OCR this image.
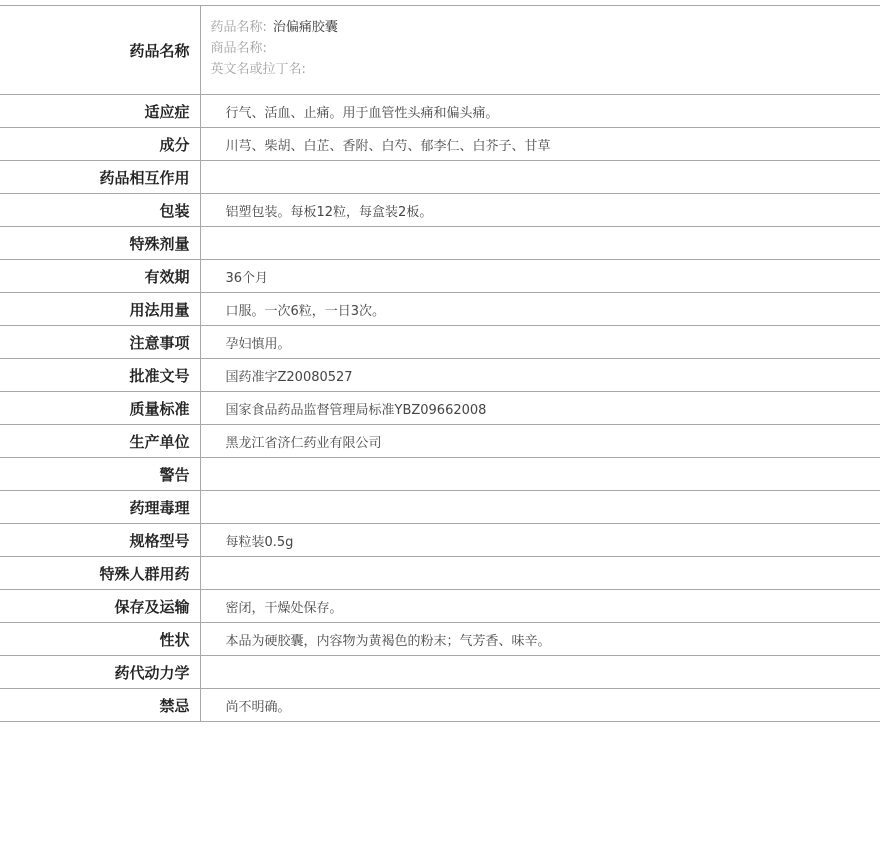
药品名称	药品名称: 治偏痛胶囊
商品名称:
英文名或拉丁名:

适应症	行气、活血、止痛。用于血管性头痛和偏头痛。
成分	川芎、柴胡、白芷、香附、白芍、郁李仁、白芥子、甘草
药品相互作用	
包装	铝塑包装。每板12粒，每盒装2板。
特殊剂量	
有效期	36个月
用法用量	口服。一次6粒，一日3次。
注意事项	孕妇慎用。
批准文号	国药准字Z20080527
质量标准	国家食品药品监督管理局标准YBZ09662008
生产单位	黑龙江省济仁药业有限公司
警告	
药理毒理	
规格型号	每粒装0.5g
特殊人群用药	
保存及运输	密闭，干燥处保存。
性状	本品为硬胶囊，内容物为黄褐色的粉末；气芳香、味辛。
药代动力学	
禁忌	尚不明确。
